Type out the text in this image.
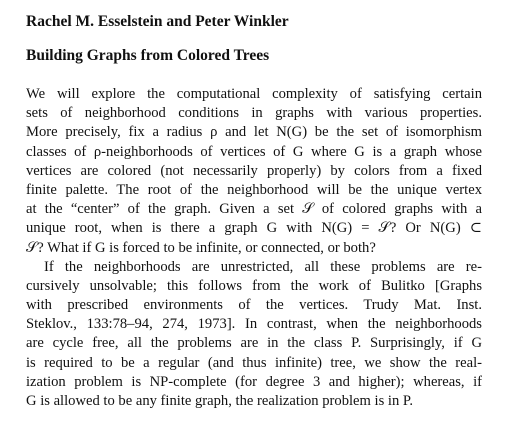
Rachel M. Esselstein and Peter Winkler
Building Graphs from Colored Trees
We will explore the computational complexity of satisfying certain
sets of neighborhood conditions in graphs with various properties.
More precisely, fix a radius ρ and let N(G) be the set of isomorphism
classes of ρ-neighborhoods of vertices of G where G is a graph whose
vertices are colored (not necessarily properly) by colors from a fixed
finite palette. The root of the neighborhood will be the unique vertex
at the “center” of the graph. Given a set 𝒮 of colored graphs with a
unique root, when is there a graph G with N(G) = 𝒮? Or N(G) ⊂
𝒮? What if G is forced to be infinite, or connected, or both?
If the neighborhoods are unrestricted, all these problems are re-
cursively unsolvable; this follows from the work of Bulitko [Graphs
with prescribed environments of the vertices. Trudy Mat. Inst.
Steklov., 133:78–94, 274, 1973]. In contrast, when the neighborhoods
are cycle free, all the problems are in the class P. Surprisingly, if G
is required to be a regular (and thus infinite) tree, we show the real-
ization problem is NP-complete (for degree 3 and higher); whereas, if
G is allowed to be any finite graph, the realization problem is in P.
